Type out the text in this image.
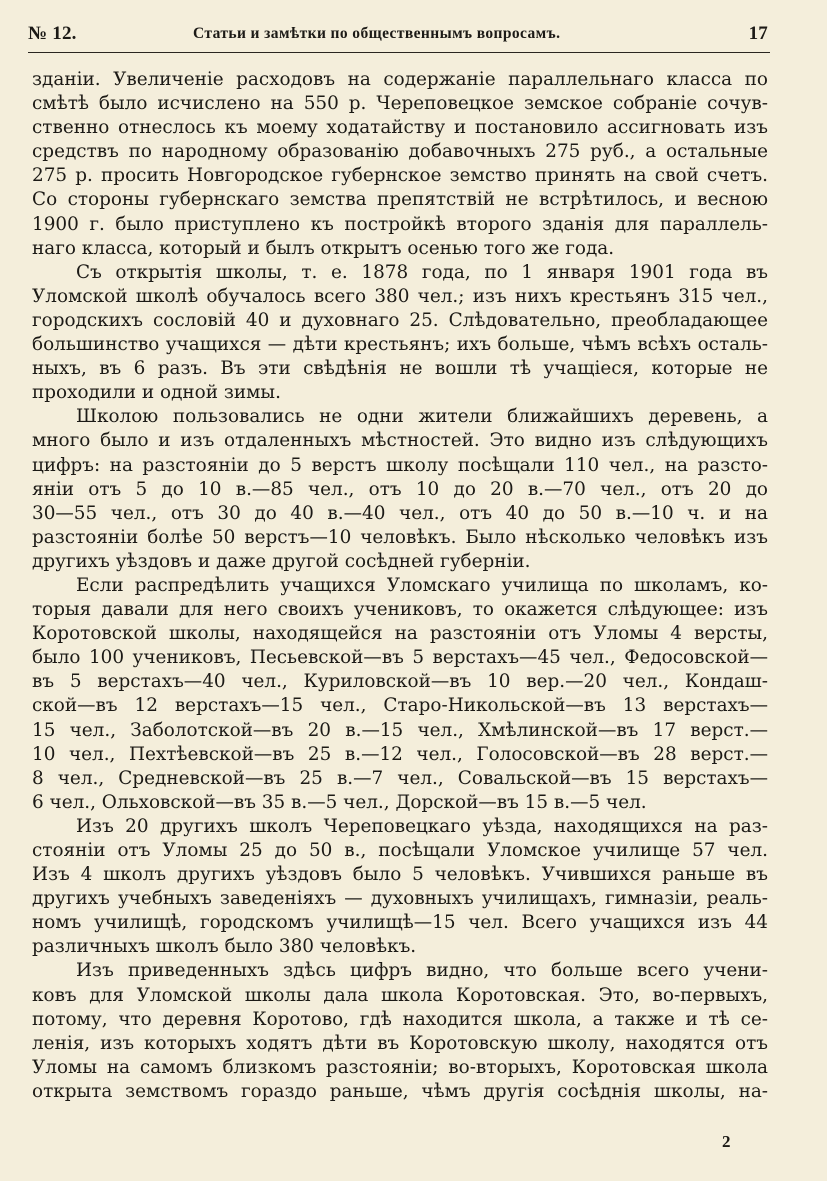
№ 12.	Статьи и замѣтки по общественнымъ вопросамъ.	17
зданіи. Увеличеніе расходовъ на содержаніе параллельнаго класса по
смѣтѣ было исчислено на 550 р. Череповецкое земское собраніе сочув-
ственно отнеслось къ моему ходатайству и постановило ассигновать изъ
средствъ по народному образованію добавочныхъ 275 руб., а остальные
275 р. просить Новгородское губернское земство принять на свой счетъ.
Со стороны губернскаго земства препятствій не встрѣтилось, и весною
1900 г. было приступлено къ постройкѣ второго зданія для параллель-
наго класса, который и былъ открытъ осенью того же года.
Съ открытія школы, т. е. 1878 года, по 1 января 1901 года въ
Уломской школѣ обучалось всего 380 чел.; изъ нихъ крестьянъ 315 чел.,
городскихъ сословій 40 и духовнаго 25. Слѣдовательно, преобладающее
большинство учащихся — дѣти крестьянъ; ихъ больше, чѣмъ всѣхъ осталь-
ныхъ, въ 6 разъ. Въ эти свѣдѣнія не вошли тѣ учащіеся, которые не
проходили и одной зимы.
Школою пользовались не одни жители ближайшихъ деревень, а
много было и изъ отдаленныхъ мѣстностей. Это видно изъ слѣдующихъ
цифръ: на разстояніи до 5 верстъ школу посѣщали 110 чел., на разсто-
яніи отъ 5 до 10 в.—85 чел., отъ 10 до 20 в.—70 чел., отъ 20 до
30—55 чел., отъ 30 до 40 в.—40 чел., отъ 40 до 50 в.—10 ч. и на
разстояніи болѣе 50 верстъ—10 человѣкъ. Было нѣсколько человѣкъ изъ
другихъ уѣздовъ и даже другой сосѣдней губерніи.
Если распредѣлить учащихся Уломскаго училища по школамъ, ко-
торыя давали для него своихъ учениковъ, то окажется слѣдующее: изъ
Коротовской школы, находящейся на разстояніи отъ Уломы 4 версты,
было 100 учениковъ, Песьевской—въ 5 верстахъ—45 чел., Федосовской—
въ 5 верстахъ—40 чел., Куриловской—въ 10 вер.—20 чел., Кондаш-
ской—въ 12 верстахъ—15 чел., Старо-Никольской—въ 13 верстахъ—
15 чел., Заболотской—въ 20 в.—15 чел., Хмѣлинской—въ 17 верст.—
10 чел., Пехтѣевской—въ 25 в.—12 чел., Голосовской—въ 28 верст.—
8 чел., Средневской—въ 25 в.—7 чел., Совальской—въ 15 верстахъ—
6 чел., Ольховской—въ 35 в.—5 чел., Дорской—въ 15 в.—5 чел.
Изъ 20 другихъ школъ Череповецкаго уѣзда, находящихся на раз-
стояніи отъ Уломы 25 до 50 в., посѣщали Уломское училище 57 чел.
Изъ 4 школъ другихъ уѣздовъ было 5 человѣкъ. Учившихся раньше въ
другихъ учебныхъ заведеніяхъ — духовныхъ училищахъ, гимназіи, реаль-
номъ училищѣ, городскомъ училищѣ—15 чел. Всего учащихся изъ 44
различныхъ школъ было 380 человѣкъ.
Изъ приведенныхъ здѣсь цифръ видно, что больше всего учени-
ковъ для Уломской школы дала школа Коротовская. Это, во-первыхъ,
потому, что деревня Коротово, гдѣ находится школа, а также и тѣ се-
ленія, изъ которыхъ ходятъ дѣти въ Коротовскую школу, находятся отъ
Уломы на самомъ близкомъ разстояніи; во-вторыхъ, Коротовская школа
открыта земствомъ гораздо раньше, чѣмъ другія сосѣднія школы, на-
2
